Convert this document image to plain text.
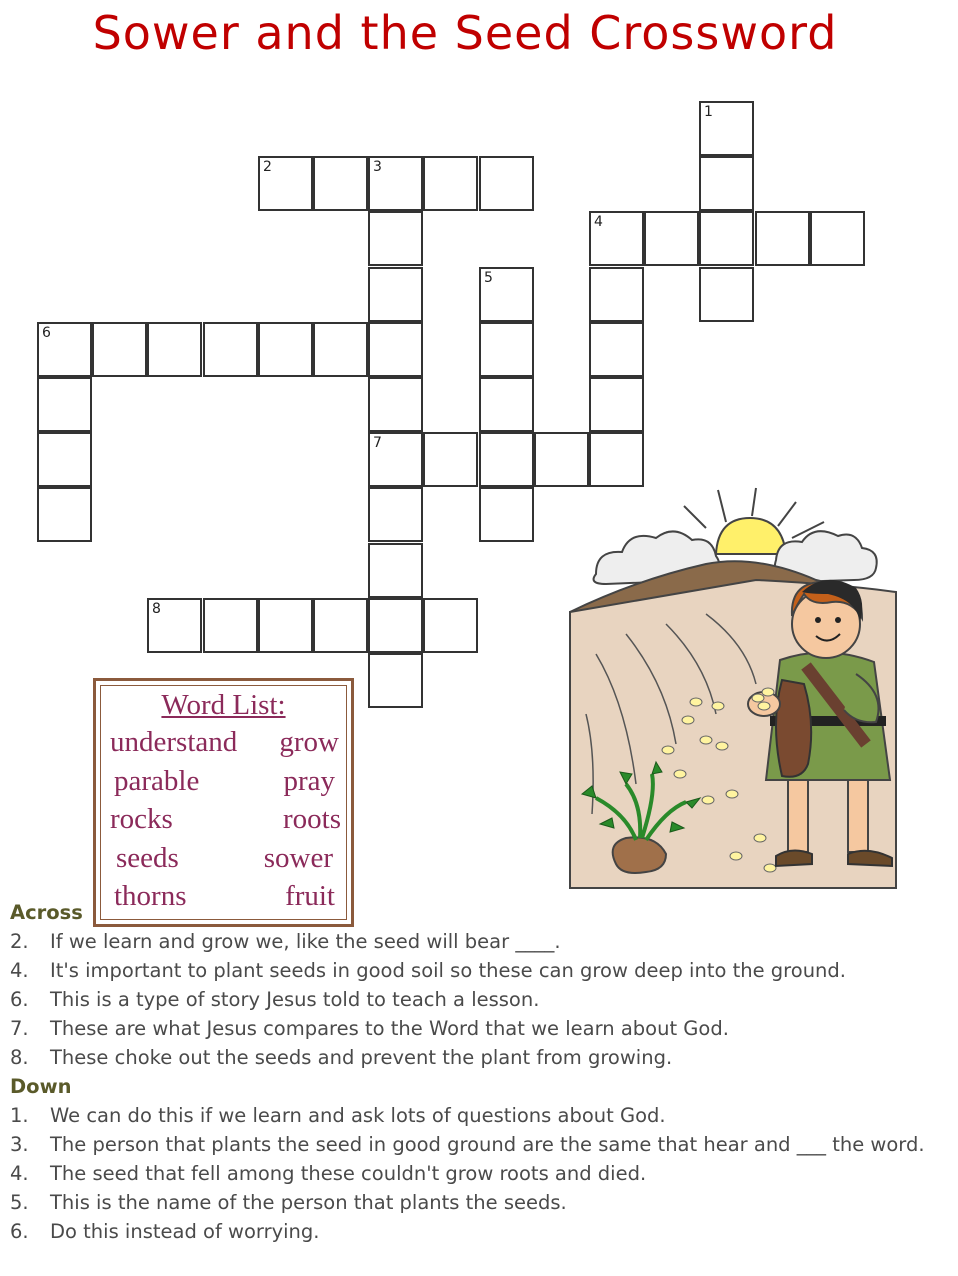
Sower and the Seed Crossword
1
2	3
4
5
6
7
8
Word List:
understand
parable
rocks
seeds
thorns
grow
pray
roots
sower
fruit
Across
2.	If we learn and grow we, like the seed will bear ____.
4.	It's important to plant seeds in good soil so these can grow deep into the ground.
6.	This is a type of story Jesus told to teach a lesson.
7.	These are what Jesus compares to the Word that we learn about God.
8.	These choke out the seeds and prevent the plant from growing.
Down
1.	We can do this if we learn and ask lots of questions about God.
3.	The person that plants the seed in good ground are the same that hear and ___ the word.
4.	The seed that fell among these couldn't grow roots and died.
5.	This is the name of the person that plants the seeds.
6.	Do this instead of worrying.
